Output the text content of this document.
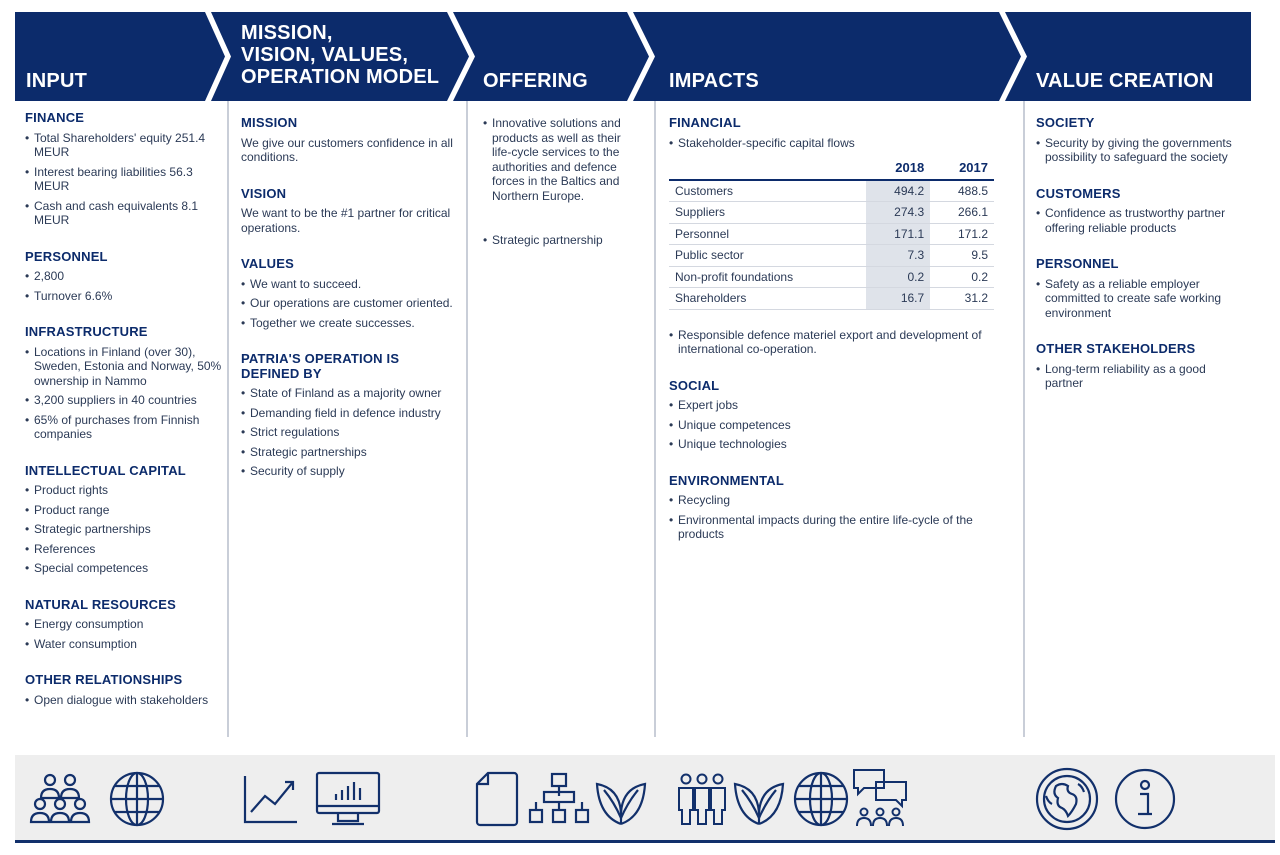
INPUT
MISSION,
VISION, VALUES,
OPERATION MODEL OFFERING	IMPACTS	VALUE CREATION
FINANCE
• Total Shareholders' equity 251.4 MEUR
• Interest bearing liabilities 56.3 MEUR
• Cash and cash equivalents 8.1 MEUR
PERSONNEL
• 2,800
• Turnover 6.6%
INFRASTRUCTURE
• Locations in Finland (over 30), Sweden, Estonia and Norway, 50% ownership in Nammo
• 3,200 suppliers in 40 countries
• 65% of purchases from Finnish companies
INTELLECTUAL CAPITAL
• Product rights
• Product range
• Strategic partnerships
• References
• Special competences
NATURAL RESOURCES
• Energy consumption
• Water consumption
OTHER RELATIONSHIPS
• Open dialogue with stakeholders
MISSION
We give our customers confidence in all conditions.
VISION
We want to be the #1 partner for critical operations.
VALUES
• We want to succeed.
• Our operations are customer oriented.
• Together we create successes.
PATRIA'S OPERATION IS DEFINED BY
• State of Finland as a majority owner
• Demanding field in defence industry
• Strict regulations
• Strategic partnerships
• Security of supply
• Innovative solutions and products as well as their life-cycle services to the authorities and defence forces in the Baltics and Northern Europe.
• Strategic partnership
FINANCIAL
• Stakeholder-specific capital flows
	2018	2017
Customers	494.2	488.5
Suppliers	274.3	266.1
Personnel	171.1	171.2
Public sector	7.3	9.5
Non-profit foundations	0.2	0.2
Shareholders	16.7	31.2
• Responsible defence materiel export and development of international co-operation.
SOCIAL
• Expert jobs
• Unique competences
• Unique technologies
ENVIRONMENTAL
• Recycling
• Environmental impacts during the entire life-cycle of the products
SOCIETY
• Security by giving the governments possibility to safeguard the society
CUSTOMERS
• Confidence as trustworthy partner offering reliable products
PERSONNEL
• Safety as a reliable employer committed to create safe working environment
OTHER STAKEHOLDERS
• Long-term reliability as a good partner
